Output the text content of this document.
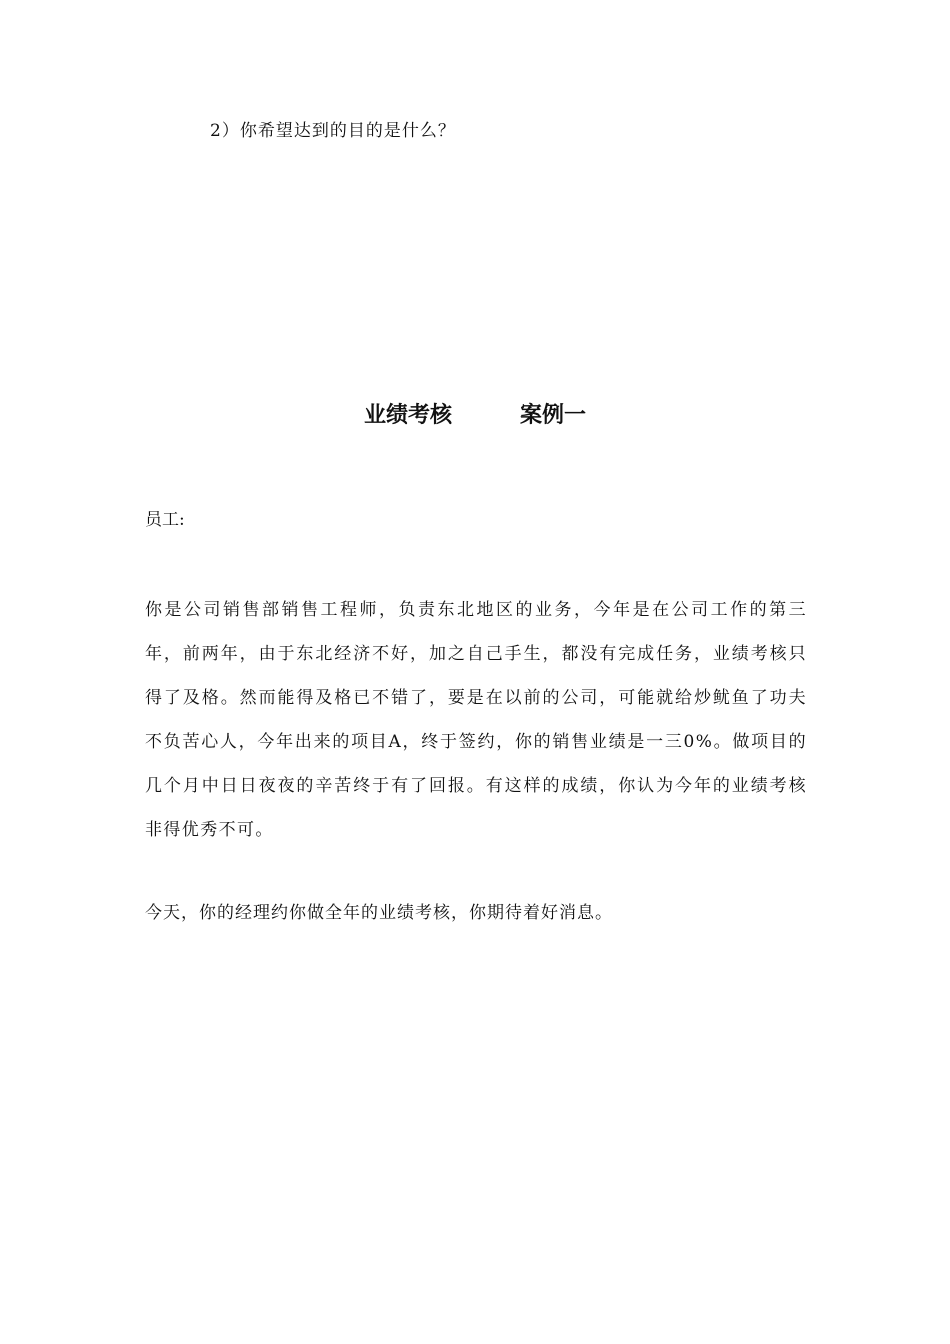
2）你希望达到的目的是什么？
业绩考核	案例一
员工:
你是公司销售部销售工程师，负责东北地区的业务，今年是在公司工作的第三年，前两年，由于东北经济不好，加之自己手生，都没有完成任务，业绩考核只得了及格。然而能得及格已不错了，要是在以前的公司，可能就给炒鱿鱼了功夫不负苦心人，今年出来的项目A，终于签约，你的销售业绩是一三0%。做项目的几个月中日日夜夜的辛苦终于有了回报。有这样的成绩，你认为今年的业绩考核非得优秀不可。
今天，你的经理约你做全年的业绩考核，你期待着好消息。
